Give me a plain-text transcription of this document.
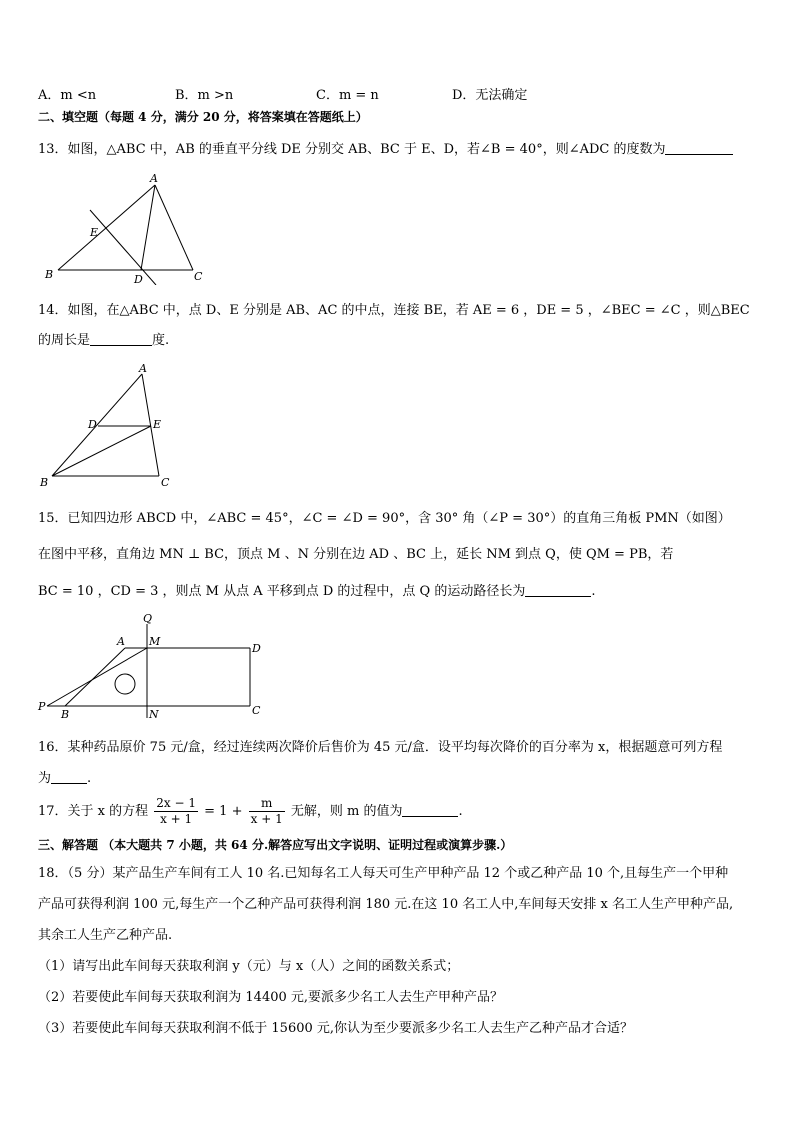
A．m <n	B．m >n	C．m = n	D．无法确定
二、填空题（每题 4 分，满分 20 分，将答案填在答题纸上）
13．如图，△ABC 中，AB 的垂直平分线 DE 分别交 AB、BC 于 E、D，若∠B = 40°，则∠ADC 的度数为
A
B	C
D
E
14．如图，在△ABC 中，点 D、E 分别是 AB、AC 的中点，连接 BE，若 AE = 6 ，DE = 5 ，∠BEC = ∠C ，则△BEC
的周长是	度.
A
B	C
D	E
15．已知四边形 ABCD 中，∠ABC = 45°，∠C = ∠D = 90°，含 30° 角（∠P = 30°）的直角三角板 PMN（如图）
在图中平移，直角边 MN ⊥ BC，顶点 M 、N 分别在边 AD 、BC 上，延长 NM 到点 Q，使 QM = PB，若
BC = 10 ，CD = 3 ，则点 M 从点 A 平移到点 D 的过程中，点 Q 的运动路径长为	.
Q
A M
D
P
B	N	C
16．某种药品原价 75 元/盒，经过连续两次降价后售价为 45 元/盒．设平均每次降价的百分率为 x，根据题意可列方程
为	.
17．关于 x 的方程 $\frac{2x - 1}{x + 1} = 1 + \frac{m}{x + 1}$ 无解，则 m 的值为	.
三、解答题 （本大题共 7 小题，共 64 分.解答应写出文字说明、证明过程或演算步骤.）
18．（5 分）某产品生产车间有工人 10 名.已知每名工人每天可生产甲种产品 12 个或乙种产品 10 个,且每生产一个甲种
产品可获得利润 100 元,每生产一个乙种产品可获得利润 180 元.在这 10 名工人中,车间每天安排 x 名工人生产甲种产品,
其余工人生产乙种产品.
（1）请写出此车间每天获取利润 y（元）与 x（人）之间的函数关系式；
（2）若要使此车间每天获取利润为 14400 元,要派多少名工人去生产甲种产品？
（3）若要使此车间每天获取利润不低于 15600 元,你认为至少要派多少名工人去生产乙种产品才合适？
